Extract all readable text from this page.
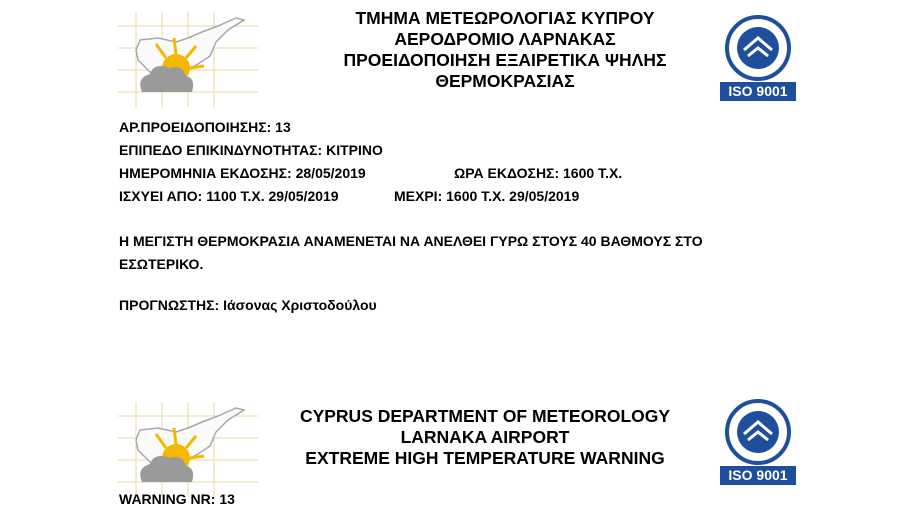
ΤΜΗΜΑ ΜΕΤΕΩΡΟΛΟΓΙΑΣ ΚΥΠΡΟΥ
ΑΕΡΟΔΡΟΜΙΟ ΛΑΡΝΑΚΑΣ
ΠΡΟΕΙΔΟΠΟΙΗΣΗ ΕΞΑΙΡΕΤΙΚΑ ΨΗΛΗΣ
ΘΕΡΜΟΚΡΑΣΙΑΣ	ISO 9001
ΑΡ.ΠΡΟΕΙΔΟΠΟΙΗΣΗΣ: 13
ΕΠΙΠΕΔΟ ΕΠΙΚΙΝΔΥΝΟΤΗΤΑΣ: ΚΙΤΡΙΝΟ
ΗΜΕΡΟΜΗΝΙΑ ΕΚΔΟΣΗΣ: 28/05/2019	ΩΡΑ ΕΚΔΟΣΗΣ: 1600 Τ.Χ.
ΙΣΧΥΕΙ ΑΠΟ: 1100 Τ.Χ. 29/05/2019	ΜΕΧΡΙ: 1600 Τ.Χ. 29/05/2019
Η ΜΕΓΙΣΤΗ ΘΕΡΜΟΚΡΑΣΙΑ ΑΝΑΜΕΝΕΤΑΙ ΝΑ ΑΝΕΛΘΕΙ ΓΥΡΩ ΣΤΟΥΣ 40 ΒΑΘΜΟΥΣ ΣΤΟ
ΕΣΩΤΕΡΙΚΟ.
ΠΡΟΓΝΩΣΤΗΣ: Ιάσονας Χριστοδούλου
CYPRUS DEPARTMENT OF METEOROLOGY
LARNAKA AIRPORT
EXTREME HIGH TEMPERATURE WARNING
ISO 9001
WARNING NR: 13
